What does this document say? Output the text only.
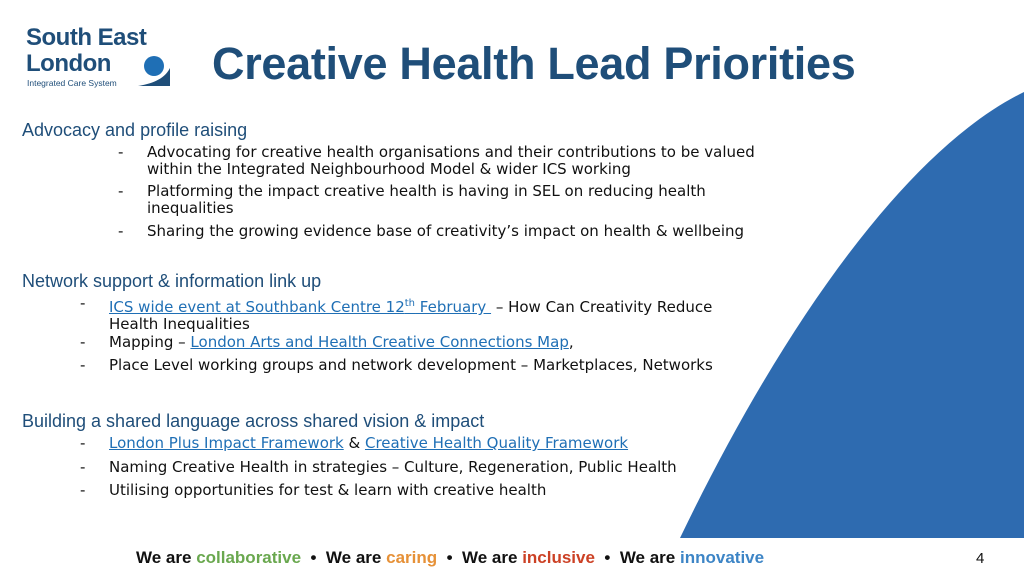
South East
London
Integrated Care System Creative Health Lead Priorities
Advocacy and profile raising
- Advocating for creative health organisations and their contributions to be valued
within the Integrated Neighbourhood Model & wider ICS working
- Platforming the impact creative health is having in SEL on reducing health
inequalities
- Sharing the growing evidence base of creativity’s impact on health & wellbeing
Network support & information link up
- ICS wide event at Southbank Centre 12th February  – How Can Creativity Reduce
Health Inequalities
- Mapping – London Arts and Health Creative Connections Map,
- Place Level working groups and network development – Marketplaces, Networks
Building a shared language across shared vision & impact
- London Plus Impact Framework & Creative Health Quality Framework
- Naming Creative Health in strategies – Culture, Regeneration, Public Health
- Utilising opportunities for test & learn with creative health
We are collaborative • We are caring • We are inclusive • We are innovative	4
